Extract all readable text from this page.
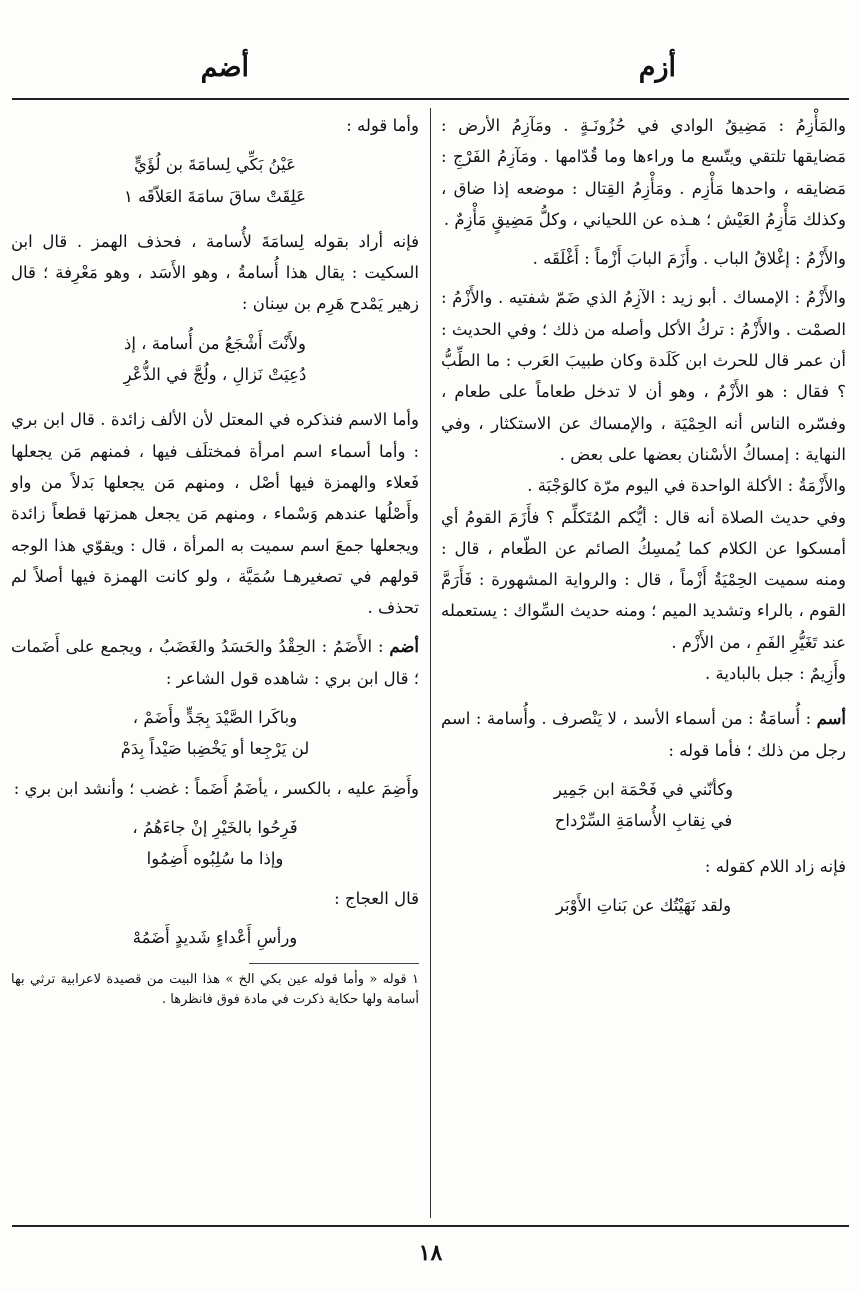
أزم
أضم

والمَأْزِمُ : مَضِيقُ الوادي في حُزُونَـةٍ . ومَآزِمُ الأرض : مَضايقها تلتقي ويتّسع ما وراءها وما قُدّامها . ومَآزِمُ الفَرْجِ : مَضايقه ، واحدها مَأْزِم . ومَأْزِمُ القِتال : موضعه إذا ضاق ، وكذلك مَأْزِمُ العَيْش ؛ هـذه عن اللحياني ، وكلُّ مَضِيقٍ مَأْزِمٌ .

والأَزْمُ : إغْلاقُ الباب . وأَزَمَ البابَ أَزْماً : أَغْلَقَه .

والأَزْمُ : الإمساك . أبو زيد : الآزِمُ الذي ضَمّ شفتيه . والأَزْمُ : الصمْت . والأَزْمُ : تركُ الأكل وأصله من ذلك ؛ وفي الحديث : أن عمر قال للحرث ابن كَلَدة وكان طبيبَ العَرب : ما الطِّبُّ ؟ فقال : هو الأَزْمُ ، وهو أن لا تدخل طعاماً على طعام ، وفسّره الناس أنه الحِمْيَة ، والإمساك عن الاستكثار ، وفي النهاية : إمساكُ الأسْنان بعضها على بعض .

والأَزْمَةُ : الأكلة الواحدة في اليوم مرّة كالوَجْبَة .

وفي حديث الصلاة أنه قال : أيُّكم المُتَكلِّم ؟ فأَزَمَ القومُ أي أمسكوا عن الكلام كما يُمسِكُ الصائم عن الطّعام ، قال : ومنه سميت الحِمْيَةُ أَزْماً ، قال : والرواية المشهورة : فَأَرَمَّ القوم ، بالراء وتشديد الميم ؛ ومنه حديث السِّواك : يستعمله عند تَغَيُّرِ الفَمِ ، من الأَزْم .

وأَزِيمٌ : جبل بالبادية .

أسم : أُسامَةُ : من أسماء الأسد ، لا يَنْصرف . وأُسامة : اسم رجل من ذلك ؛ فأما قوله :

وكأنّني في فَحْمَة ابن جَمِير

في نِقابِ الأُسامَةِ السِّرْداح

فإنه زاد اللام كقوله :

ولقد نَهَيْتُك عن بَناتِ الأَوْبَر

وأما قوله :

عَيْنُ بَكِّي لِسامَةَ بن لُؤَيٍّ

عَلِقَتْ ساقَ سامَةَ العَلاّقَه ١

فإنه أراد بقوله لِسامَةَ لأُسامة ، فحذف الهمز . قال ابن السكيت : يقال هذا أُسامةُ ، وهو الأَسَد ، وهو مَعْرِفة ؛ قال زهير يَمْدح هَرِم بن سِنان :

ولأَنْتَ أَشْجَعُ من أُسامة ، إذ

دُعِيَتْ نَزالِ ، ولُجَّ في الذُّعْرِ

وأما الاسم فنذكره في المعتل لأن الألف زائدة . قال ابن بري : وأما أسماء اسم امرأة فمختلَف فيها ، فمنهم مَن يجعلها فَعلاء والهمزة فيها أصْل ، ومنهم مَن يجعلها بَدلاً من واو وأَصْلُها عندهم وَسْماء ، ومنهم مَن يجعل همزتها قطعاً زائدة ويجعلها جمعَ اسم سميت به المرأة ، قال : ويقوّي هذا الوجه قولهم في تصغيرهـا سُمَيَّة ، ولو كانت الهمزة فيها أصلاً لم تحذف .

أضم : الأَضَمُ : الحِقْدُ والحَسَدُ والغَضَبُ ، ويجمع على أَضَمات ؛ قال ابن بري : شاهده قول الشاعر :

وباكَرا الصَّيْدَ بِجَدٍّ وأَضَمْ ،

لن يَرْجِعا أو يَخْضِبا صَيْداً بِدَمْ

وأَضِمَ عليه ، بالكسر ، يأضَمُ أَضَماً : غضب ؛ وأنشد ابن بري :

فَرِحُوا بالخَيْرِ إنْ جاءَهُمُ ،

وإذا ما سُلِبُوه أَضِمُوا

قال العجاج :

ورأسِ أَعْداءٍ شَديدٍ أَضَمُهْ

١ قوله « وأما قوله عين بكي الخ » هذا البيت من قصيدة لاعرابية ترثي بها أسامة ولها حكاية ذكرت في مادة فوق فانظرها .

١٨
